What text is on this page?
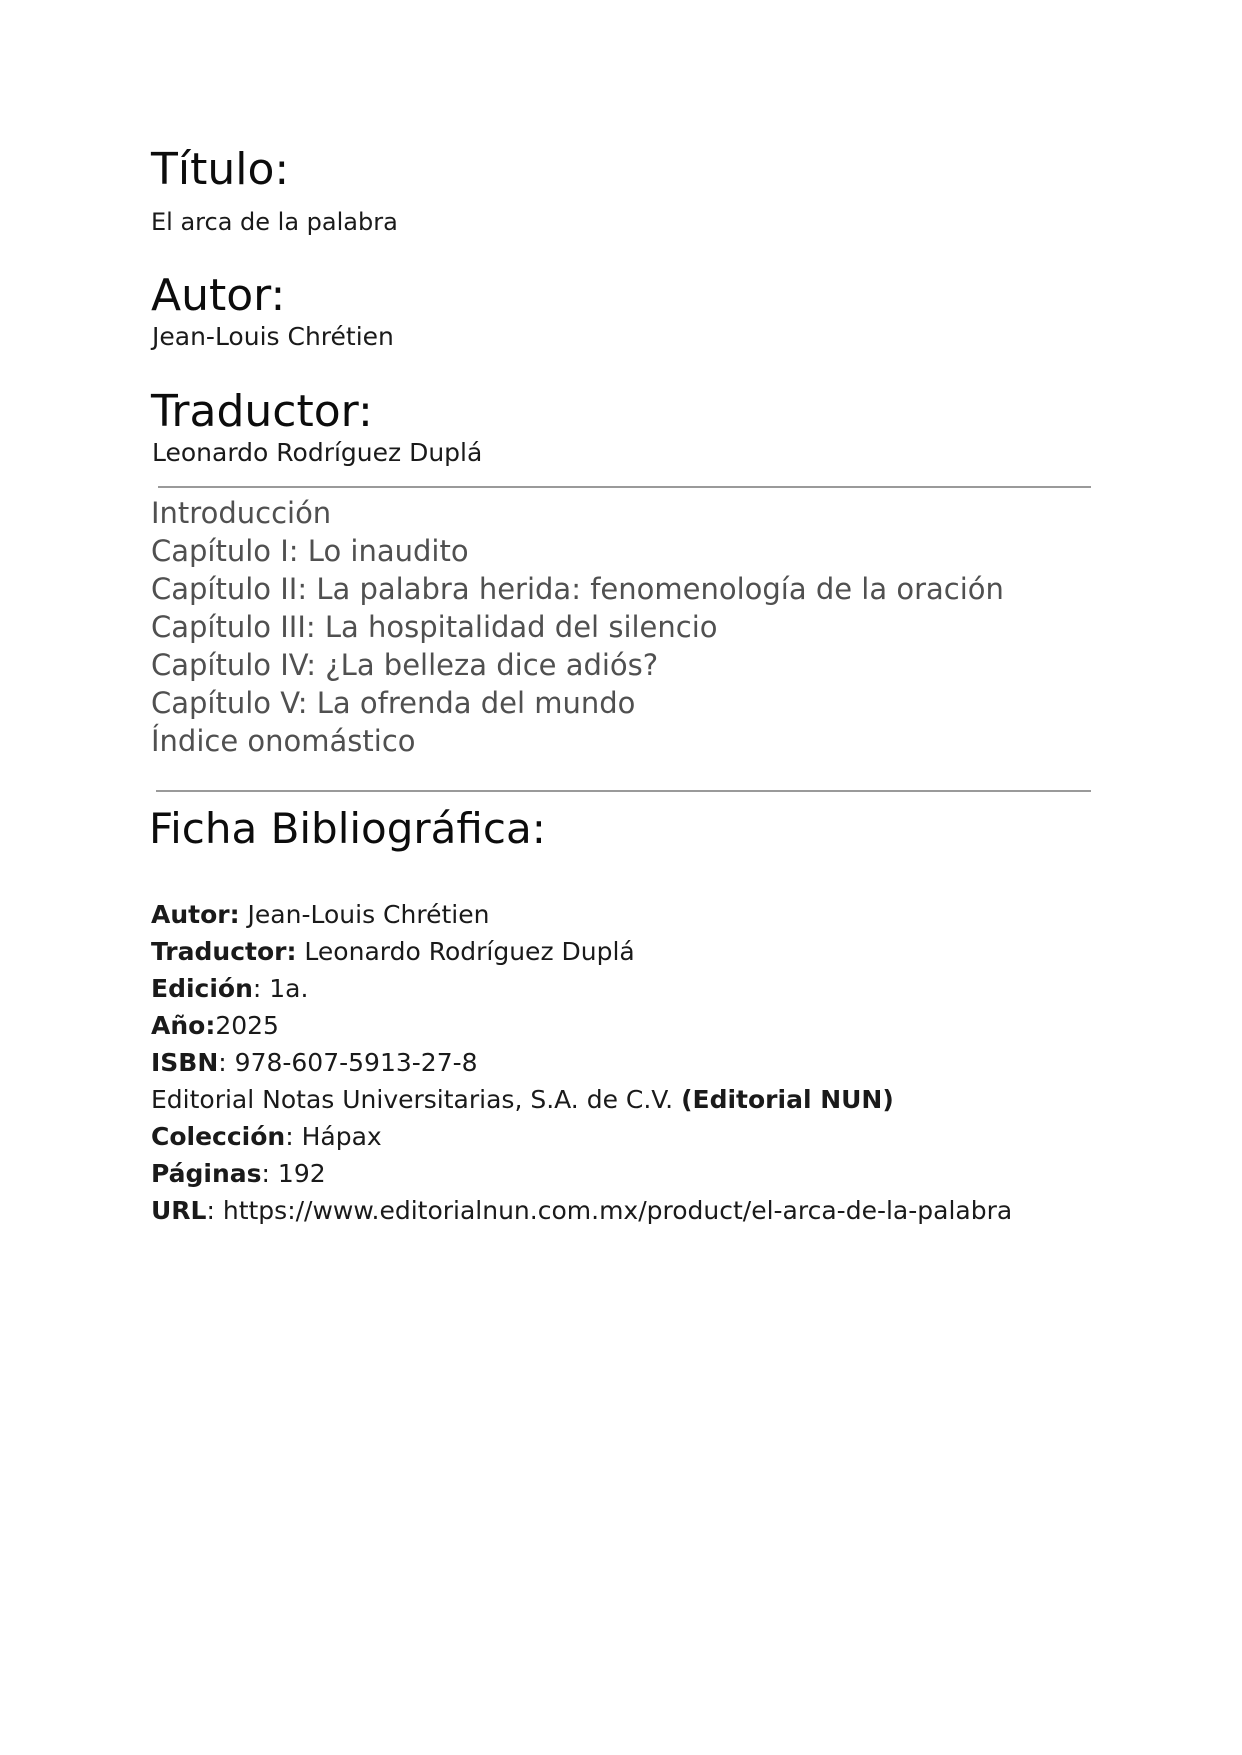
Título:
El arca de la palabra
Autor:
Jean-Louis Chrétien
Traductor:
Leonardo Rodríguez Duplá
Introducción
Capítulo I: Lo inaudito
Capítulo II: La palabra herida: fenomenología de la oración
Capítulo III: La hospitalidad del silencio
Capítulo IV: ¿La belleza dice adiós?
Capítulo V: La ofrenda del mundo
Índice onomástico
Ficha Bibliográfica:
Autor: Jean-Louis Chrétien
Traductor: Leonardo Rodríguez Duplá
Edición: 1a.
Año:2025
ISBN: 978-607-5913-27-8
Editorial Notas Universitarias, S.A. de C.V. (Editorial NUN)
Colección: Hápax
Páginas: 192
URL: https://www.editorialnun.com.mx/product/el-arca-de-la-palabra
